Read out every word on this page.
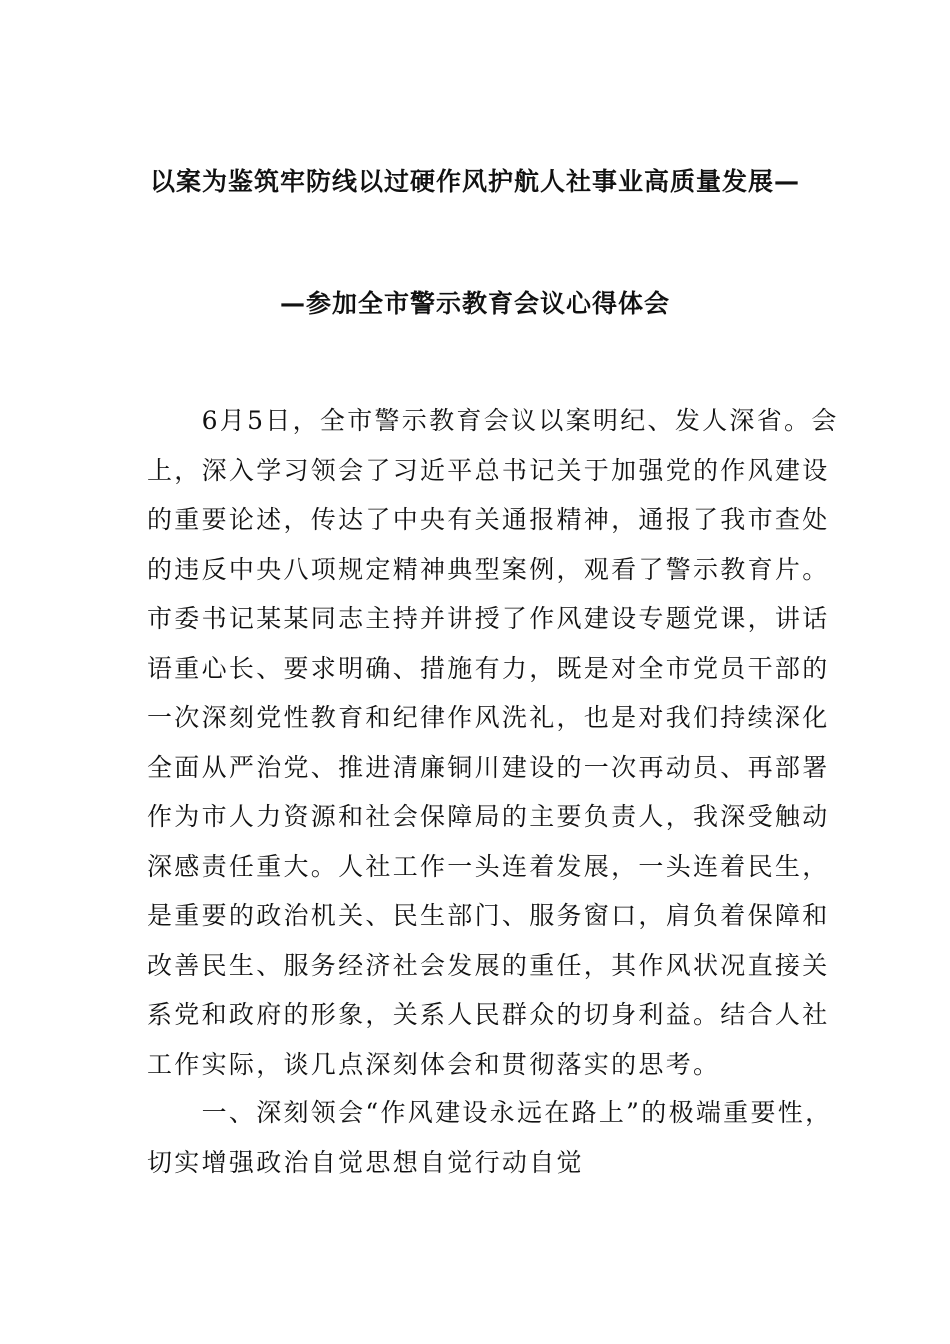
以案为鉴筑牢防线以过硬作风护航人社事业高质量发展—
—参加全市警示教育会议心得体会
　　6月5日，全市警示教育会议以案明纪、发人深省。会
上，深入学习领会了习近平总书记关于加强党的作风建设
的重要论述，传达了中央有关通报精神，通报了我市查处
的违反中央八项规定精神典型案例，观看了警示教育片。
市委书记某某同志主持并讲授了作风建设专题党课，讲话
语重心长、要求明确、措施有力，既是对全市党员干部的
一次深刻党性教育和纪律作风洗礼，也是对我们持续深化
全面从严治党、推进清廉铜川建设的一次再动员、再部署
作为市人力资源和社会保障局的主要负责人，我深受触动
深感责任重大。人社工作一头连着发展，一头连着民生，
是重要的政治机关、民生部门、服务窗口，肩负着保障和
改善民生、服务经济社会发展的重任，其作风状况直接关
系党和政府的形象，关系人民群众的切身利益。结合人社
工作实际，谈几点深刻体会和贯彻落实的思考。
　　一、深刻领会“作风建设永远在路上”的极端重要性，
切实增强政治自觉思想自觉行动自觉
